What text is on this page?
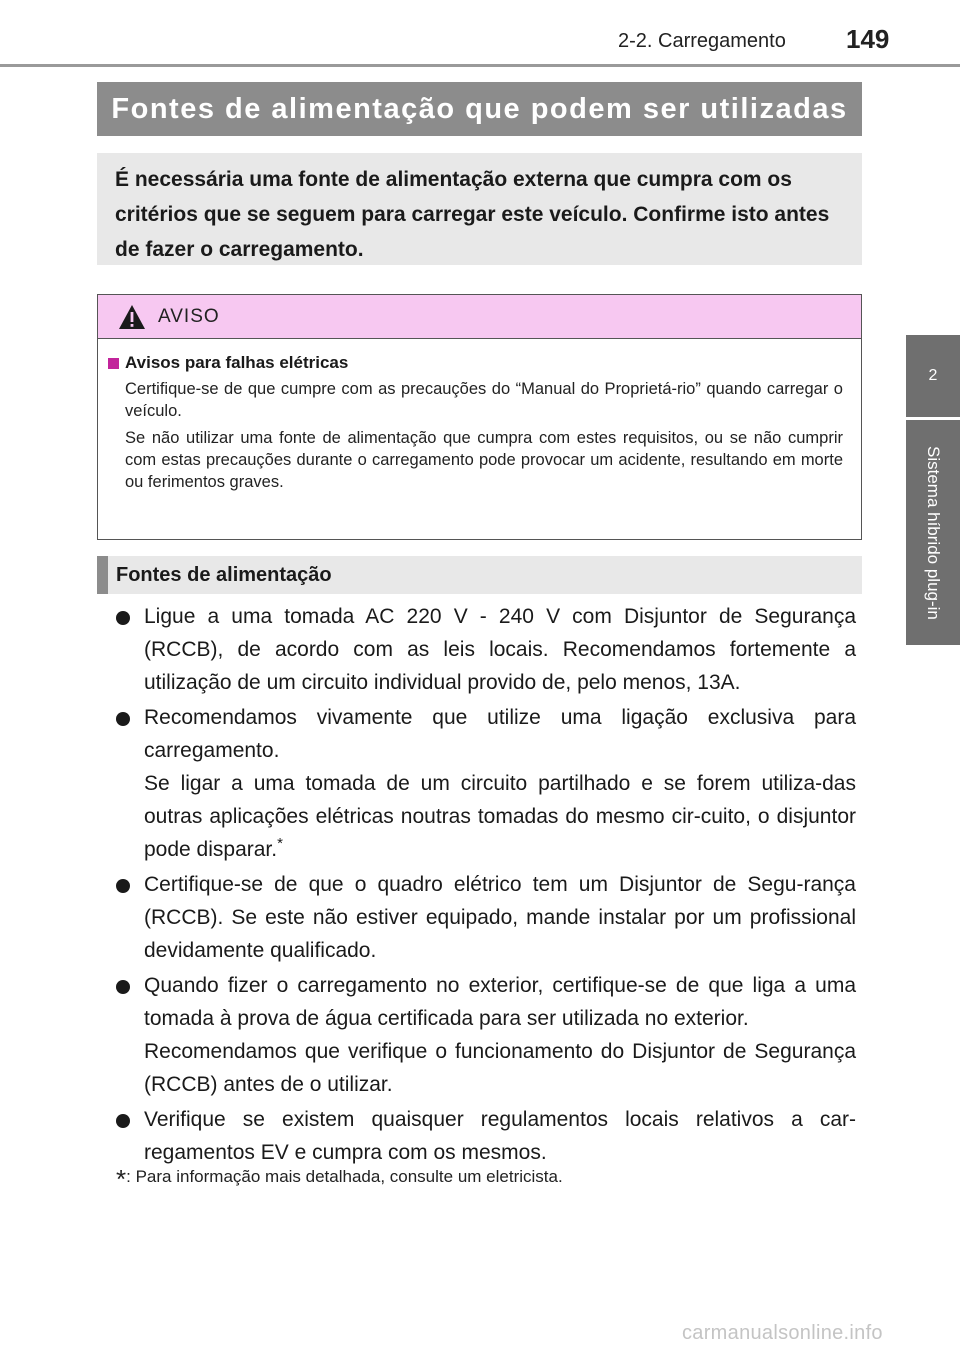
2-2. Carregamento 149
2
Sistema híbrido plug-in
Fontes de alimentação que podem ser utilizadas
É necessária uma fonte de alimentação externa que cumpra com os critérios que se seguem para carregar este veículo. Confirme isto antes de fazer o carregamento.
AVISO
Avisos para falhas elétricas

Certifique-se de que cumpre com as precauções do “Manual do Proprietá-rio” quando carregar o veículo.

Se não utilizar uma fonte de alimentação que cumpra com estes requisitos, ou se não cumprir com estas precauções durante o carregamento pode provocar um acidente, resultando em morte ou ferimentos graves.

Fontes de alimentação

Ligue a uma tomada AC 220 V - 240 V com Disjuntor de Segurança (RCCB), de acordo com as leis locais. Recomendamos fortemente a utilização de um circuito individual provido de, pelo menos, 13A.

Recomendamos vivamente que utilize uma ligação exclusiva para carregamento.

Se ligar a uma tomada de um circuito partilhado e se forem utiliza-das outras aplicações elétricas noutras tomadas do mesmo cir-cuito, o disjuntor pode disparar.*

Certifique-se de que o quadro elétrico tem um Disjuntor de Segu-rança (RCCB). Se este não estiver equipado, mande instalar por um profissional devidamente qualificado.

Quando fizer o carregamento no exterior, certifique-se de que liga a uma tomada à prova de água certificada para ser utilizada no exterior.

Recomendamos que verifique o funcionamento do Disjuntor de Segurança (RCCB) antes de o utilizar.

Verifique se existem quaisquer regulamentos locais relativos a car-regamentos EV e cumpra com os mesmos.

*: Para informação mais detalhada, consulte um eletricista.
carmanualsonline.info
